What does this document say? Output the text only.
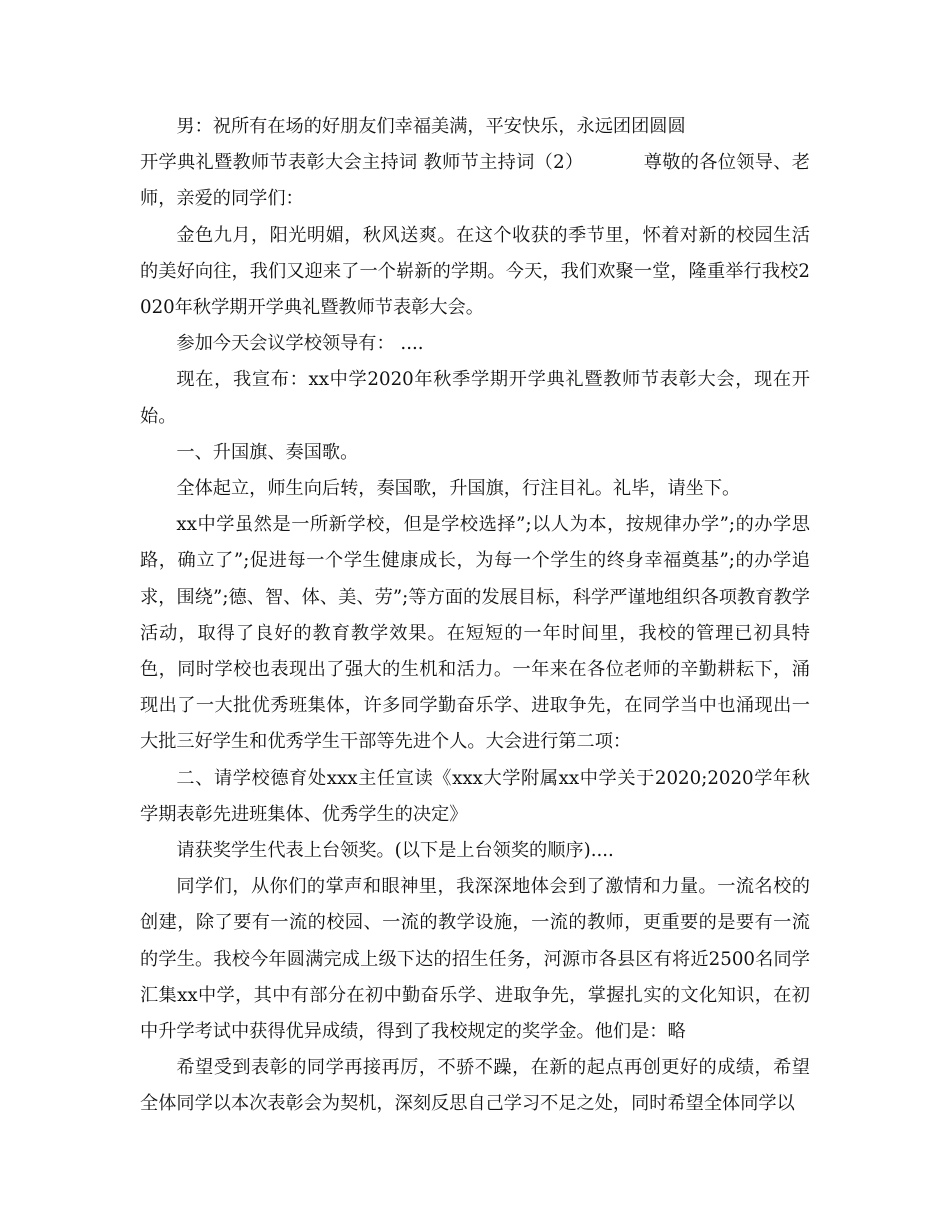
男：祝所有在场的好朋友们幸福美满，平安快乐，永远团团圆圆

开学典礼暨教师节表彰大会主持词 教师节主持词（2）	尊敬的各位领导、老师，亲爱的同学们：

金色九月，阳光明媚，秋风送爽。在这个收获的季节里，怀着对新的校园生活的美好向往，我们又迎来了一个崭新的学期。今天，我们欢聚一堂，隆重举行我校2020年秋学期开学典礼暨教师节表彰大会。

参加今天会议学校领导有： ....

现在，我宣布：xx中学2020年秋季学期开学典礼暨教师节表彰大会，现在开始。

一、升国旗、奏国歌。

全体起立，师生向后转，奏国歌，升国旗，行注目礼。礼毕，请坐下。

xx中学虽然是一所新学校，但是学校选择”;以人为本，按规律办学”;的办学思路，确立了”;促进每一个学生健康成长，为每一个学生的终身幸福奠基”;的办学追求，围绕”;德、智、体、美、劳”;等方面的发展目标，科学严谨地组织各项教育教学活动，取得了良好的教育教学效果。在短短的一年时间里，我校的管理已初具特色，同时学校也表现出了强大的生机和活力。一年来在各位老师的辛勤耕耘下，涌现出了一大批优秀班集体，许多同学勤奋乐学、进取争先，在同学当中也涌现出一大批三好学生和优秀学生干部等先进个人。大会进行第二项：

二、请学校德育处xxx主任宣读《xxx大学附属xx中学关于2020;2020学年秋学期表彰先进班集体、优秀学生的决定》

请获奖学生代表上台领奖。(以下是上台领奖的顺序)....

同学们，从你们的掌声和眼神里，我深深地体会到了激情和力量。一流名校的创建，除了要有一流的校园、一流的教学设施，一流的教师，更重要的是要有一流的学生。我校今年圆满完成上级下达的招生任务，河源市各县区有将近2500名同学汇集xx中学，其中有部分在初中勤奋乐学、进取争先，掌握扎实的文化知识，在初中升学考试中获得优异成绩，得到了我校规定的奖学金。他们是：略

希望受到表彰的同学再接再厉，不骄不躁，在新的起点再创更好的成绩，希望全体同学以本次表彰会为契机，深刻反思自己学习不足之处，同时希望全体同学以
